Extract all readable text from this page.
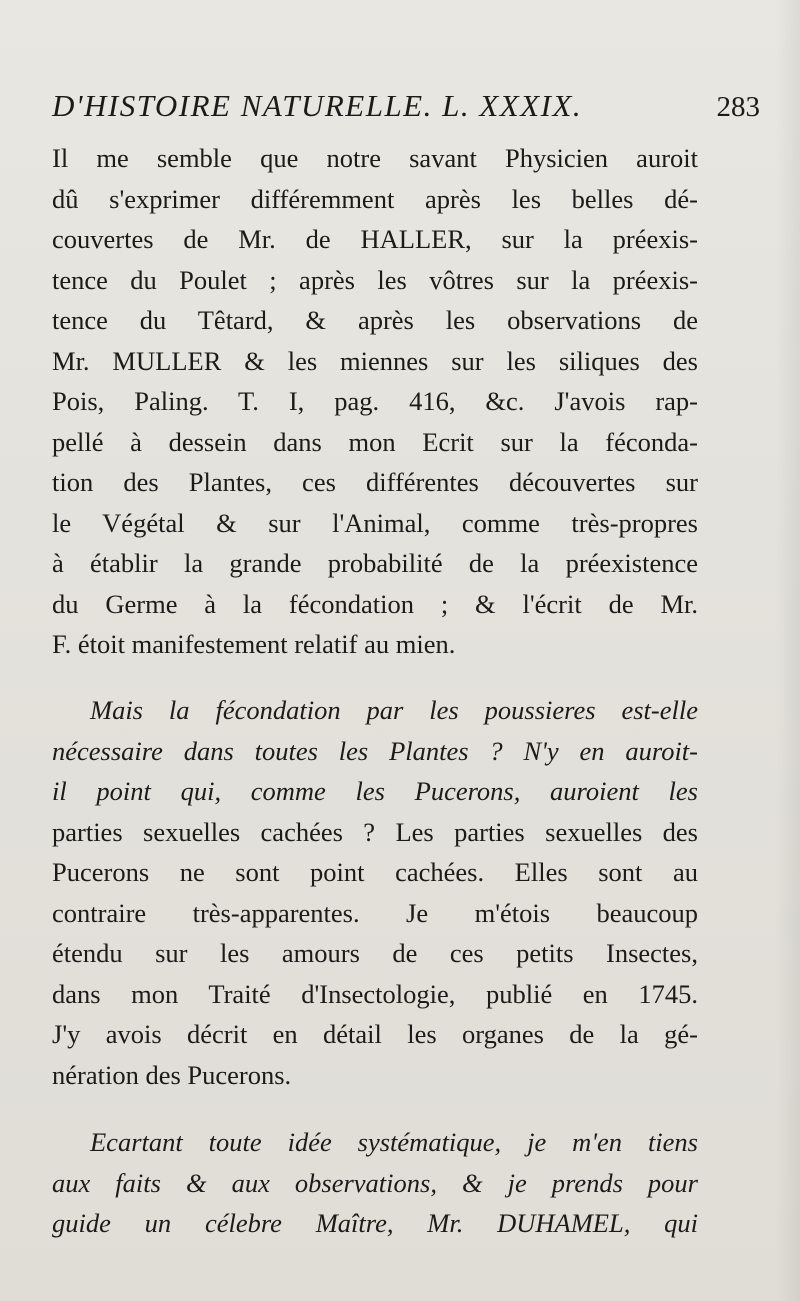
D'HISTOIRE NATURELLE. L. XXXIX.	283
Il me semble que notre savant Physicien auroit
dû s'exprimer différemment après les belles dé-
couvertes de Mr. de HALLER, sur la préexis-
tence du Poulet ; après les vôtres sur la préexis-
tence du Têtard, & après les observations de
Mr. MULLER & les miennes sur les siliques des
Pois, Paling. T. I, pag. 416, &c. J'avois rap-
pellé à dessein dans mon Ecrit sur la féconda-
tion des Plantes, ces différentes découvertes sur
le Végétal & sur l'Animal, comme très-propres
à établir la grande probabilité de la préexistence
du Germe à la fécondation ; & l'écrit de Mr.
F. étoit manifestement relatif au mien.
Mais la fécondation par les poussieres est-elle
nécessaire dans toutes les Plantes ? N'y en auroit-
il point qui, comme les Pucerons, auroient les
parties sexuelles cachées ? Les parties sexuelles des
Pucerons ne sont point cachées. Elles sont au
contraire très-apparentes. Je m'étois beaucoup
étendu sur les amours de ces petits Insectes,
dans mon Traité d'Insectologie, publié en 1745.
J'y avois décrit en détail les organes de la gé-
nération des Pucerons.
Ecartant toute idée systématique, je m'en tiens
aux faits & aux observations, & je prends pour
guide un célebre Maître, Mr. DUHAMEL, qui
